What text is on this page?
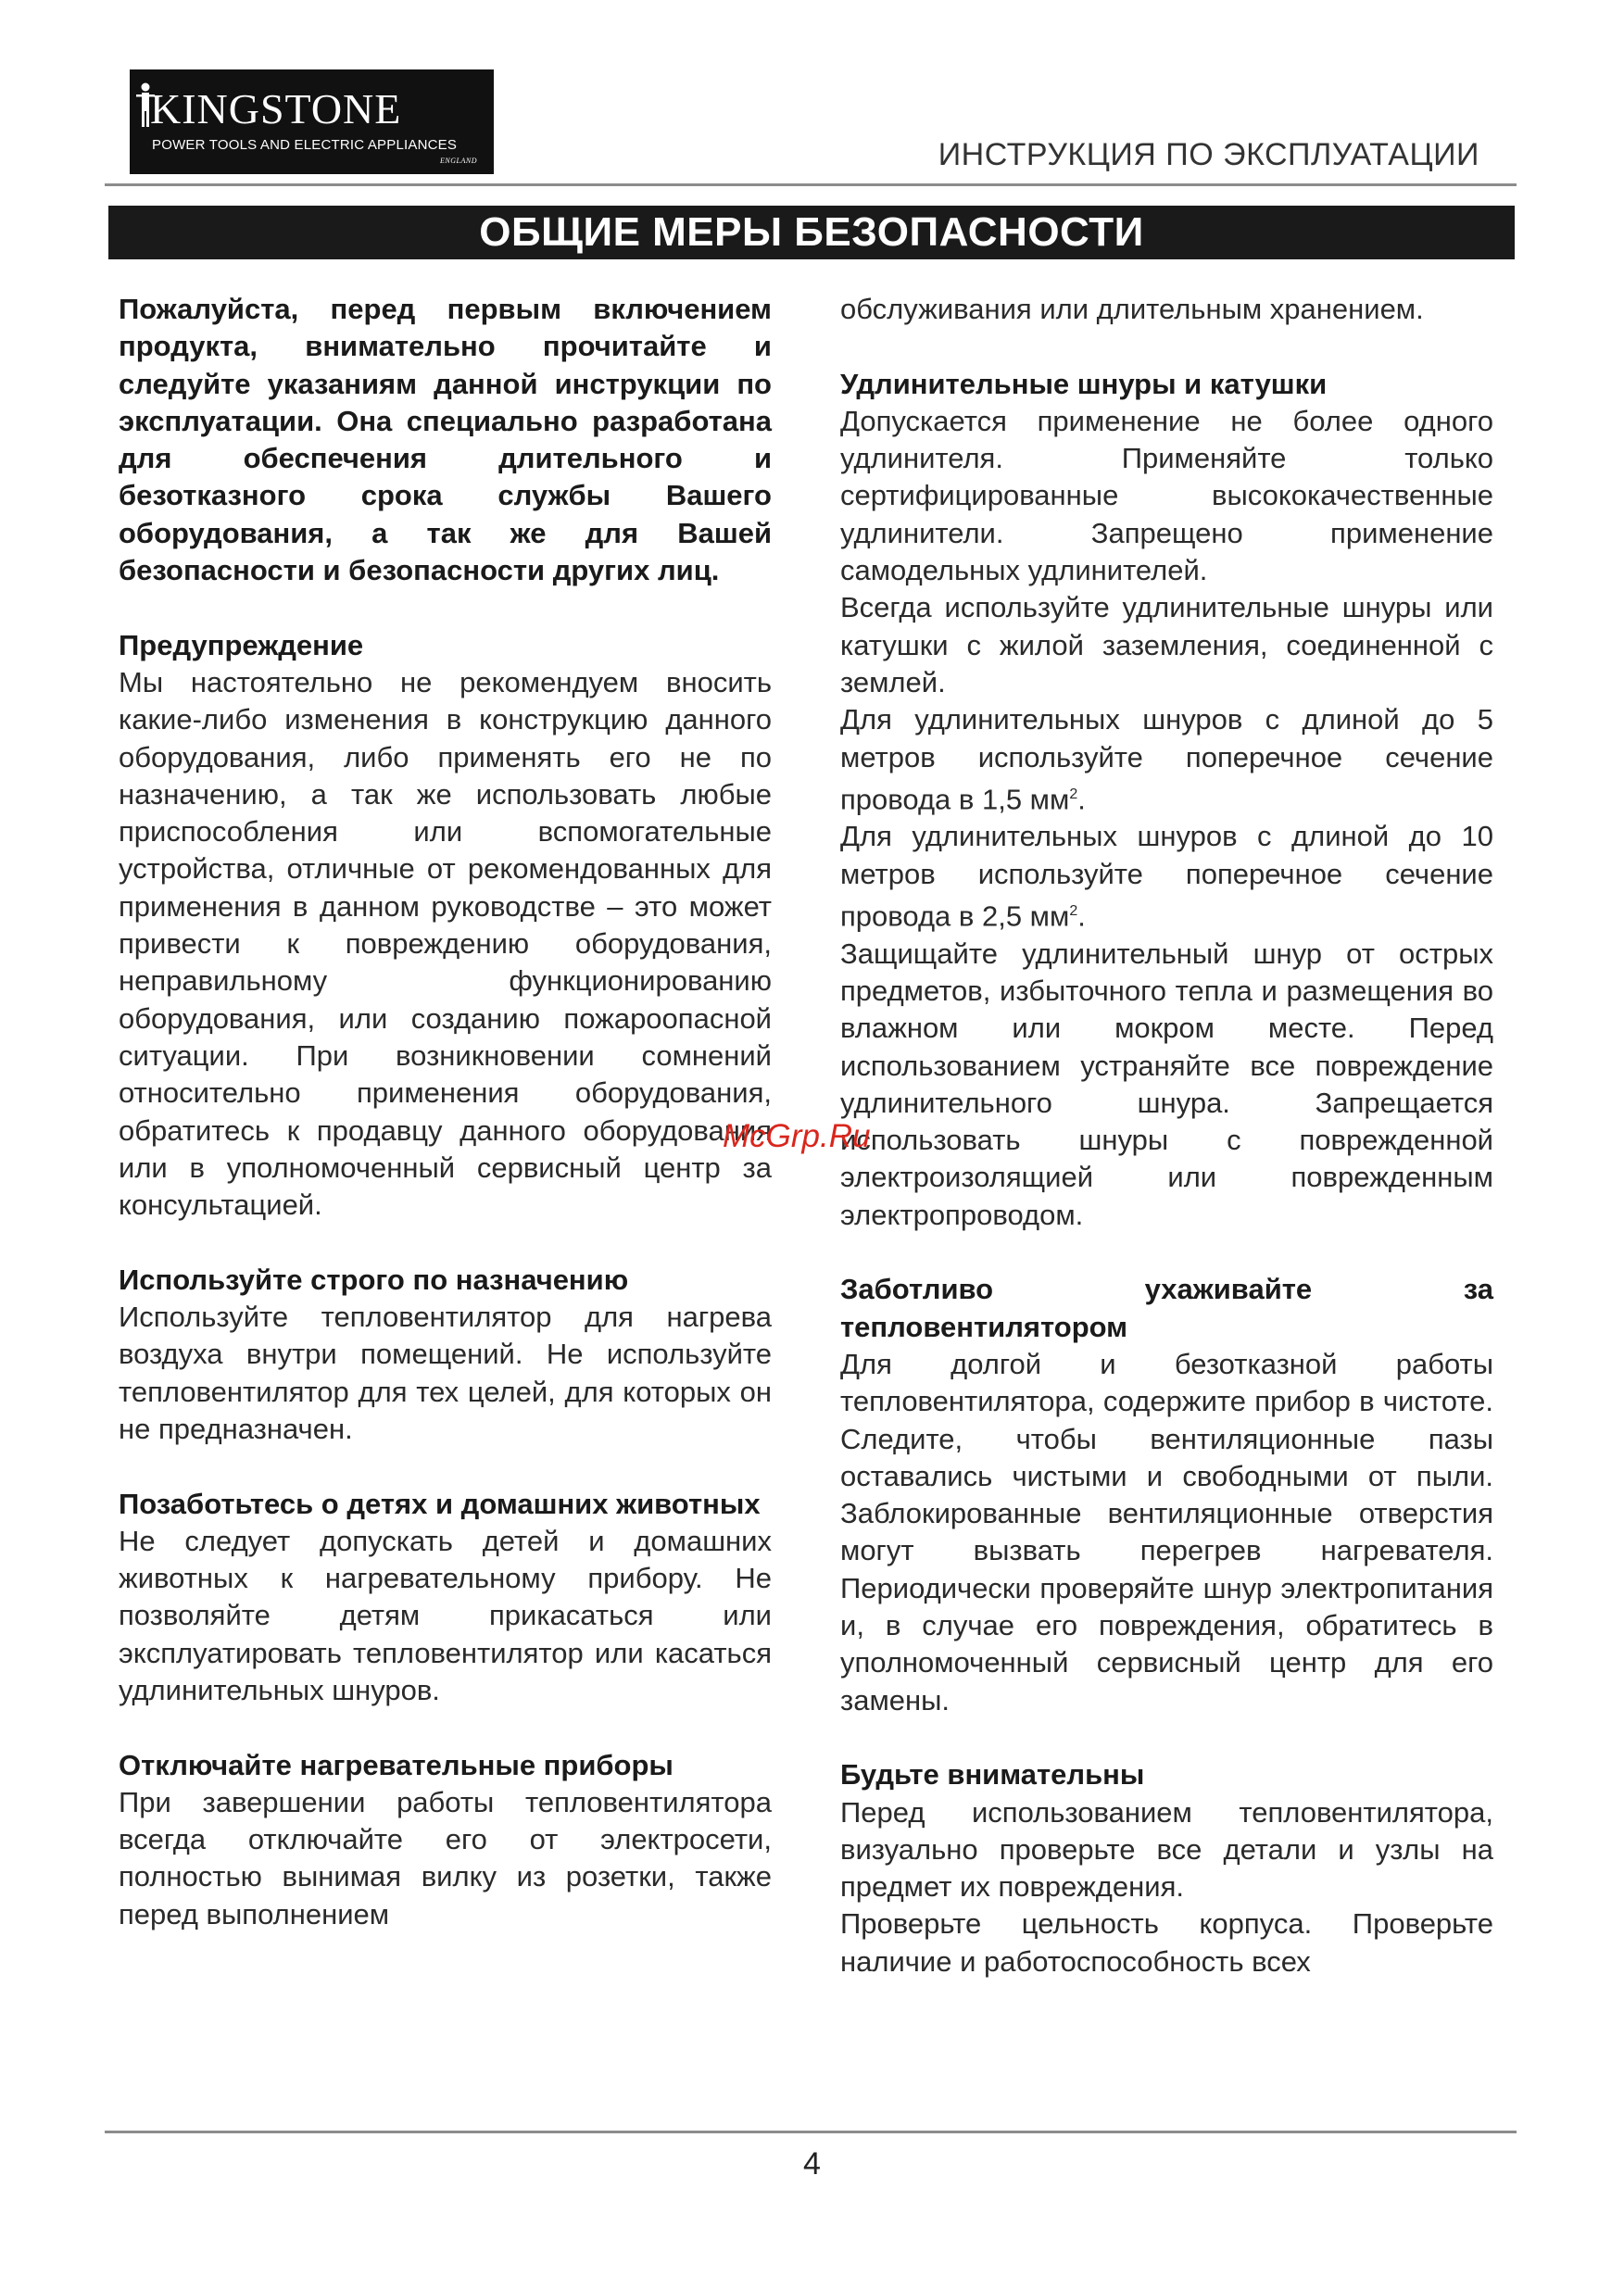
KINGSTONE
POWER TOOLS AND ELECTRIC APPLIANCES
ENGLAND	ИНСТРУКЦИЯ ПО ЭКСПЛУАТАЦИИ
ОБЩИЕ МЕРЫ БЕЗОПАСНОСТИ

Пожалуйста, перед первым включением продукта, внимательно прочитайте и следуйте указаниям данной инструкции по эксплуатации. Она специально разработана для обеспечения длительного и безотказного срока службы Вашего оборудования, а так же для Вашей безопасности и безопасности других лиц.

Предупреждение

Мы настоятельно не рекомендуем вносить какие-либо изменения в конструкцию данного оборудования, либо применять его не по назначению, а так же использовать любые приспособления или вспомогательные устройства, отличные от рекомендованных для применения в данном руководстве – это может привести к повреждению оборудования, неправильному функционированию оборудования, или созданию пожароопасной ситуации. При возникновении сомнений относительно применения оборудования, обратитесь к продавцу данного оборудования или в уполномоченный сервисный центр за консультацией.

Используйте строго по назначению

Используйте тепловентилятор для нагрева воздуха внутри помещений. Не используйте тепловентилятор для тех целей, для которых он не предназначен.

Позаботьтесь о детях и домашних животных

Не следует допускать детей и домашних животных к нагревательному прибору. Не позволяйте детям прикасаться или эксплуатировать тепловентилятор или касаться удлинительных шнуров.

Отключайте нагревательные приборы

При завершении работы тепловентилятора всегда отключайте его от электросети, полностью вынимая вилку из розетки, также перед выполнением

обслуживания или длительным хранением.

Удлинительные шнуры и катушки

Допускается применение не более одного удлинителя. Применяйте только сертифицированные высококачественные удлинители. Запрещено применение самодельных удлинителей.

Всегда используйте удлинительные шнуры или катушки с жилой заземления, соединенной с землей.

Для удлинительных шнуров с длиной до 5 метров используйте поперечное сечение провода в 1,5 $мм^2$.

Для удлинительных шнуров с длиной до 10 метров используйте поперечное сечение провода в 2,5 $мм^2$.

Защищайте удлинительный шнур от острых предметов, избыточного тепла и размещения во влажном или мокром месте. Перед использованием устраняйте все повреждение удлинительного шнура. Запрещается использовать шнуры с поврежденной электроизолящией или поврежденным электропроводом.

Заботливо ухаживайте за тепловентилятором

Для долгой и безотказной работы тепловентилятора, содержите прибор в чистоте. Следите, чтобы вентиляционные пазы оставались чистыми и свободными от пыли. Заблокированные вентиляционные отверстия могут вызвать перегрев нагревателя. Периодически проверяйте шнур электропитания и, в случае его повреждения, обратитесь в уполномоченный сервисный центр для его замены.

Будьте внимательны

Перед использованием тепловентилятора, визуально проверьте все детали и узлы на предмет их повреждения.

Проверьте цельность корпуса. Проверьте наличие и работоспособность всех

McGrp.Ru
4
